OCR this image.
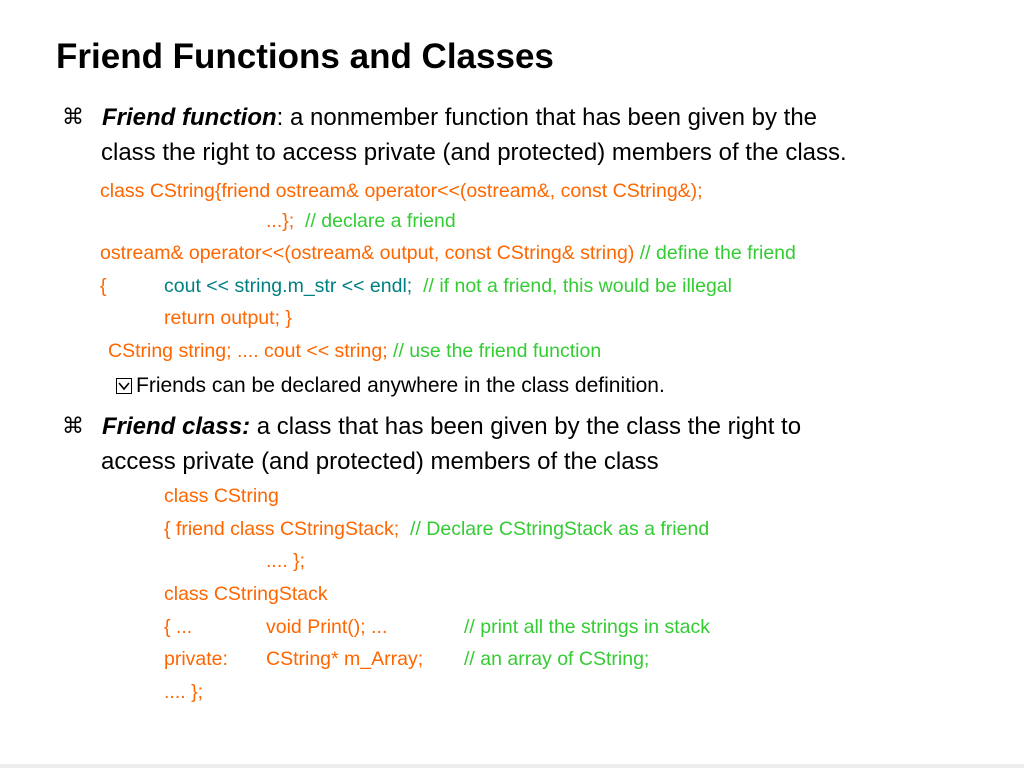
Friend Functions and Classes
⌘ Friend function: a nonmember function that has been given by the
class the right to access private (and protected) members of the class.
class CString{friend ostream& operator<<(ostream&, const CString&);
...}; // declare a friend
ostream& operator<<(ostream& output, const CString& string) // define the friend
{	cout << string.m_str << endl; // if not a friend, this would be illegal
return output; }
CString string; .... cout << string; // use the friend function
Friends can be declared anywhere in the class definition.
⌘ Friend class: a class that has been given by the class the right to
access private (and protected) members of the class
class CString
{ friend class CStringStack; // Declare CStringStack as a friend
.... };
class CStringStack
{ ...	void Print(); ...	// print all the strings in stack
private: CString* m_Array; // an array of CString;
.... };
